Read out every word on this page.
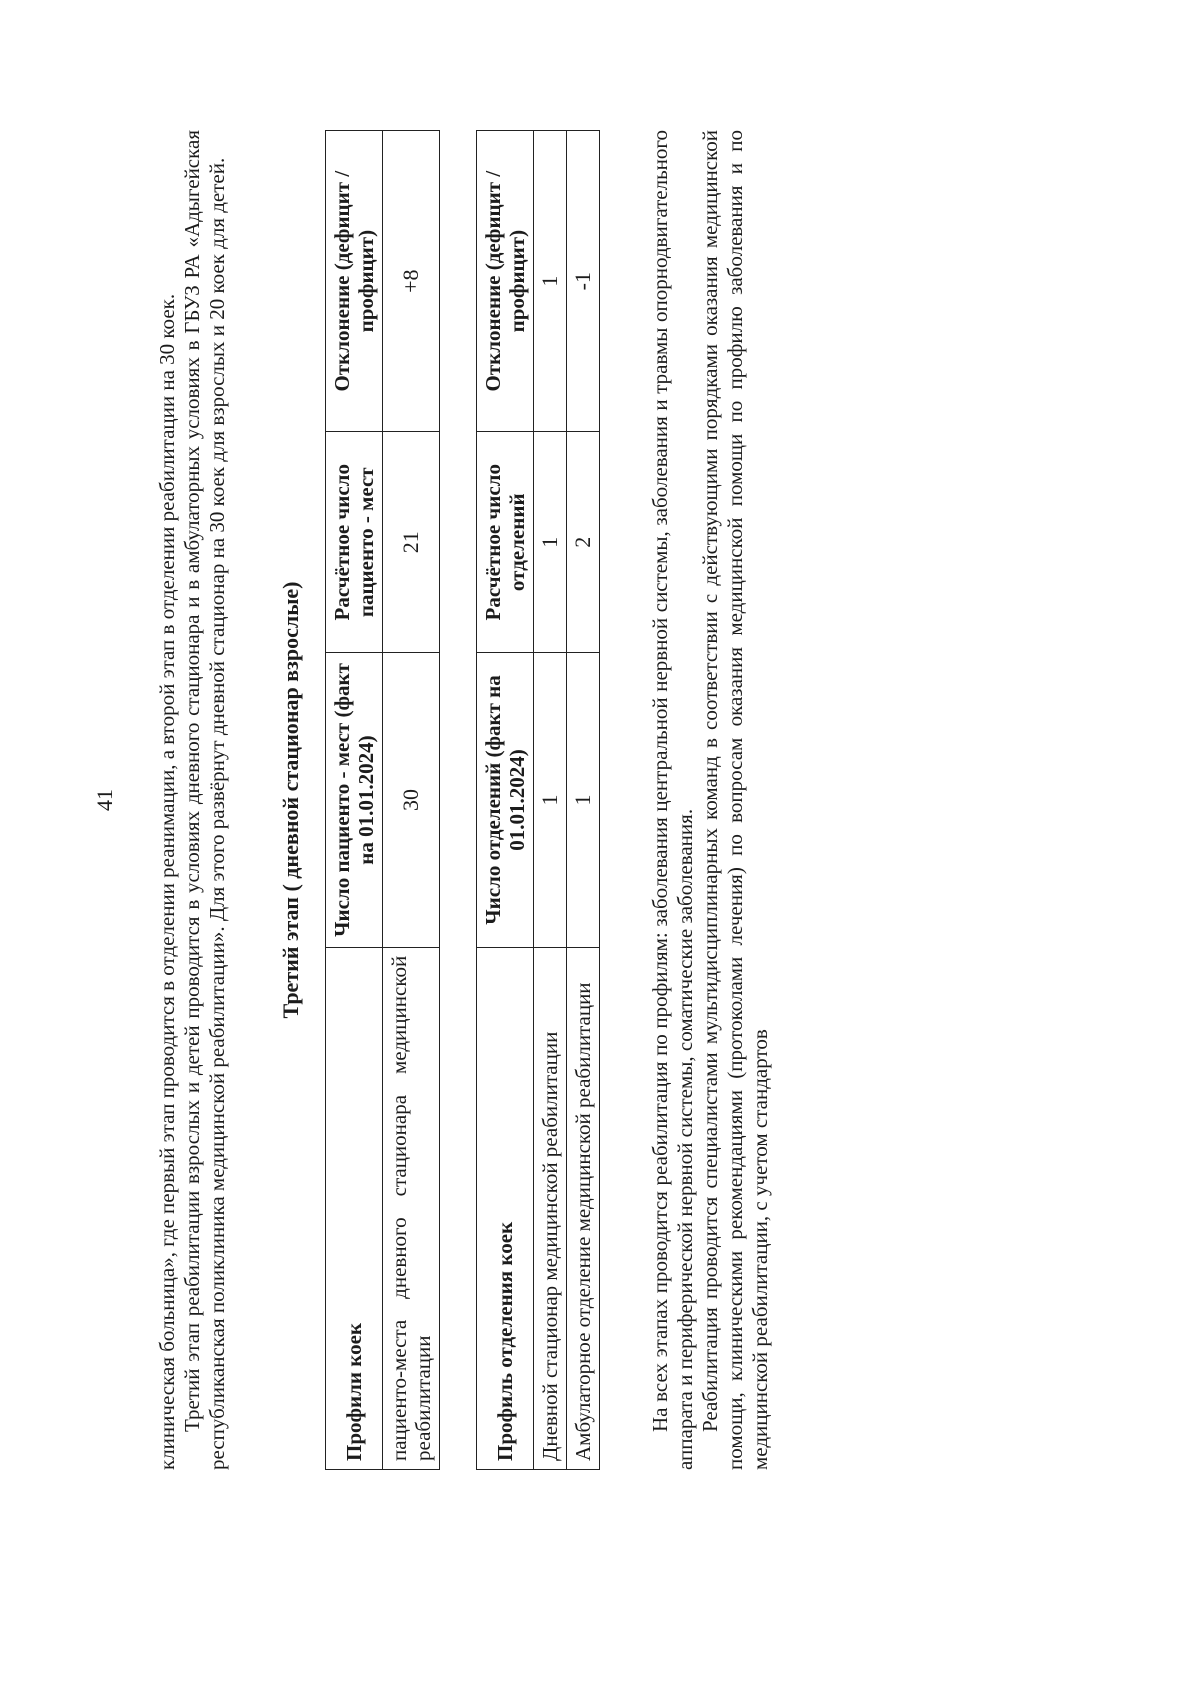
41 клиническая больница», где первый этап проводится в отделении реанимации, а второй этап в отделении реабилитации на 30 коек. Третий этап реабилитации взрослых и детей проводится в условиях дневного стационара и в амбулаторных условиях в ГБУЗ РА «Адыгейская республиканская поликлиника медицинской реабилитации». Для этого развёрнут дневной стационар на 30 коек для взрослых и 20 коек для детей. Третий этап ( дневной стационар взрослые)
Профили коек	Число пациенто - мест (факт на 01.01.2024)	Расчётное число пациенто - мест	Отклонение (дефицит / профицит)
пациенто-места дневного стационара медицинской реабилитации	30	21	+8
Профиль отделения коек	Число отделений (факт на 01.01.2024)	Расчётное число отделений	Отклонение (дефицит / профицит)
Дневной стационар медицинской реабилитации	1	1	1
Амбулаторное отделение медицинской реабилитации	1	2	-1	На всех этапах проводится реабилитация по профилям: заболевания центральной нервной системы, заболевания и травмы опорнодвигательного аппарата и периферической нервной системы, соматические заболевания. Реабилитация проводится специалистами мультидисциплинарных команд в соответствии с действующими порядками оказания медицинской помощи, клиническими рекомендациями (протоколами лечения) по вопросам оказания медицинской помощи по профилю заболевания и по медицинской реабилитации, с учетом стандартов
